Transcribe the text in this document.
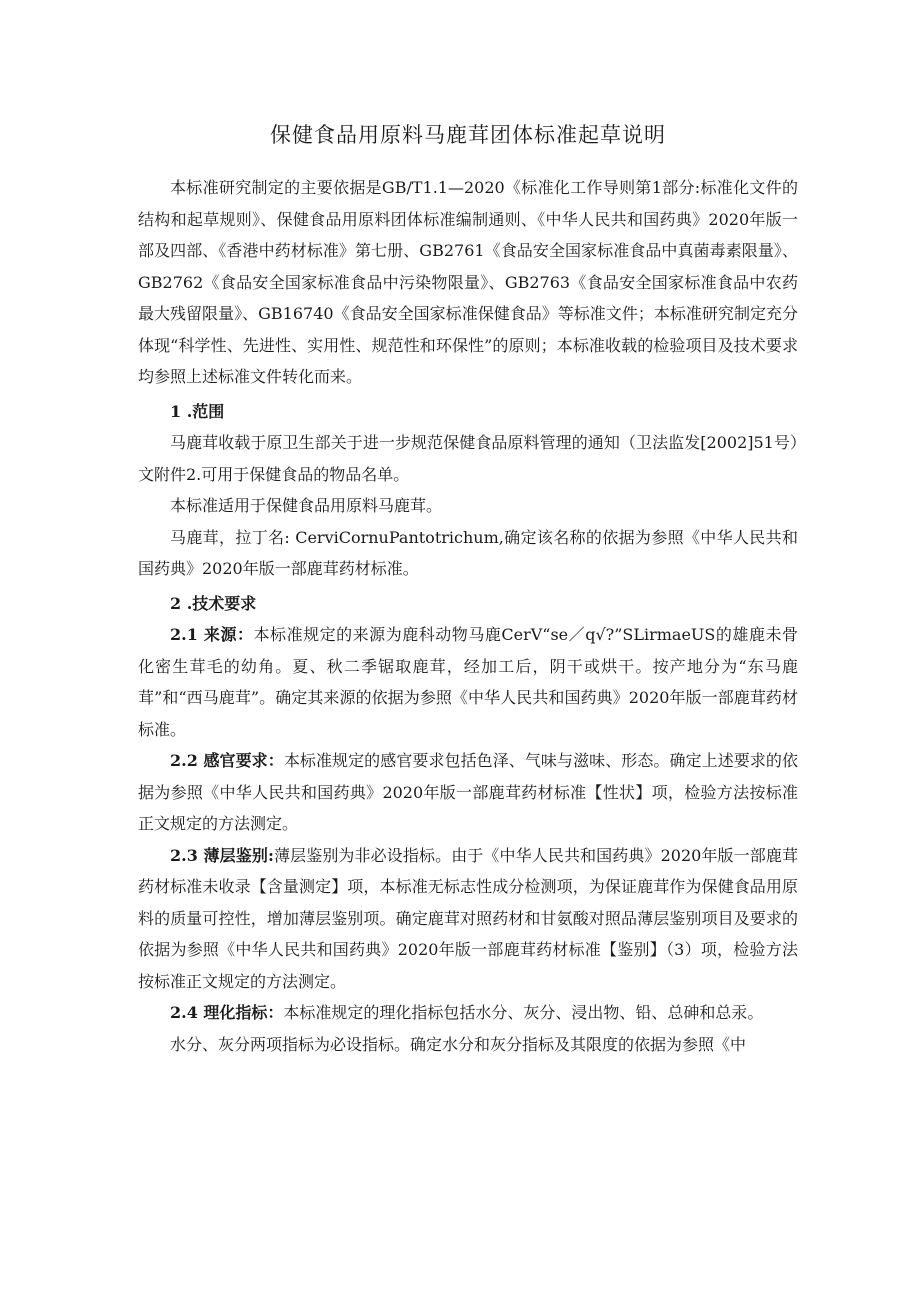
保健食品用原料马鹿茸团体标准起草说明

本标准研究制定的主要依据是GB/T1.1—2020《标准化工作导则第1部分:标准化文件的结构和起草规则》、保健食品用原料团体标准编制通则、《中华人民共和国药典》2020年版一部及四部、《香港中药材标准》第七册、GB2761《食品安全国家标准食品中真菌毒素限量》、GB2762《食品安全国家标准食品中污染物限量》、GB2763《食品安全国家标准食品中农药最大残留限量》、GB16740《食品安全国家标准保健食品》等标准文件；本标准研究制定充分体现“科学性、先进性、实用性、规范性和环保性”的原则；本标准收载的检验项目及技术要求均参照上述标准文件转化而来。

1 .范围

马鹿茸收载于原卫生部关于进一步规范保健食品原料管理的通知（卫法监发[2002]51号）文附件2.可用于保健食品的物品名单。

本标准适用于保健食品用原料马鹿茸。

马鹿茸，拉丁名: CerviCornuPantotrichum,确定该名称的依据为参照《中华人民共和国药典》2020年版一部鹿茸药材标准。

2 .技术要求

2.1 来源：本标准规定的来源为鹿科动物马鹿CerV“se／q√?”SLirmaeUS的雄鹿未骨化密生茸毛的幼角。夏、秋二季锯取鹿茸，经加工后，阴干或烘干。按产地分为“东马鹿茸”和“西马鹿茸”。确定其来源的依据为参照《中华人民共和国药典》2020年版一部鹿茸药材标准。

2.2 感官要求：本标准规定的感官要求包括色泽、气味与滋味、形态。确定上述要求的依据为参照《中华人民共和国药典》2020年版一部鹿茸药材标准【性状】项，检验方法按标准正文规定的方法测定。

2.3 薄层鉴别:薄层鉴别为非必设指标。由于《中华人民共和国药典》2020年版一部鹿茸药材标准未收录【含量测定】项，本标准无标志性成分检测项，为保证鹿茸作为保健食品用原料的质量可控性，增加薄层鉴别项。确定鹿茸对照药材和甘氨酸对照品薄层鉴别项目及要求的依据为参照《中华人民共和国药典》2020年版一部鹿茸药材标准【鉴别】（3）项，检验方法按标准正文规定的方法测定。

2.4 理化指标：本标准规定的理化指标包括水分、灰分、浸出物、铅、总砷和总汞。

水分、灰分两项指标为必设指标。确定水分和灰分指标及其限度的依据为参照《中
